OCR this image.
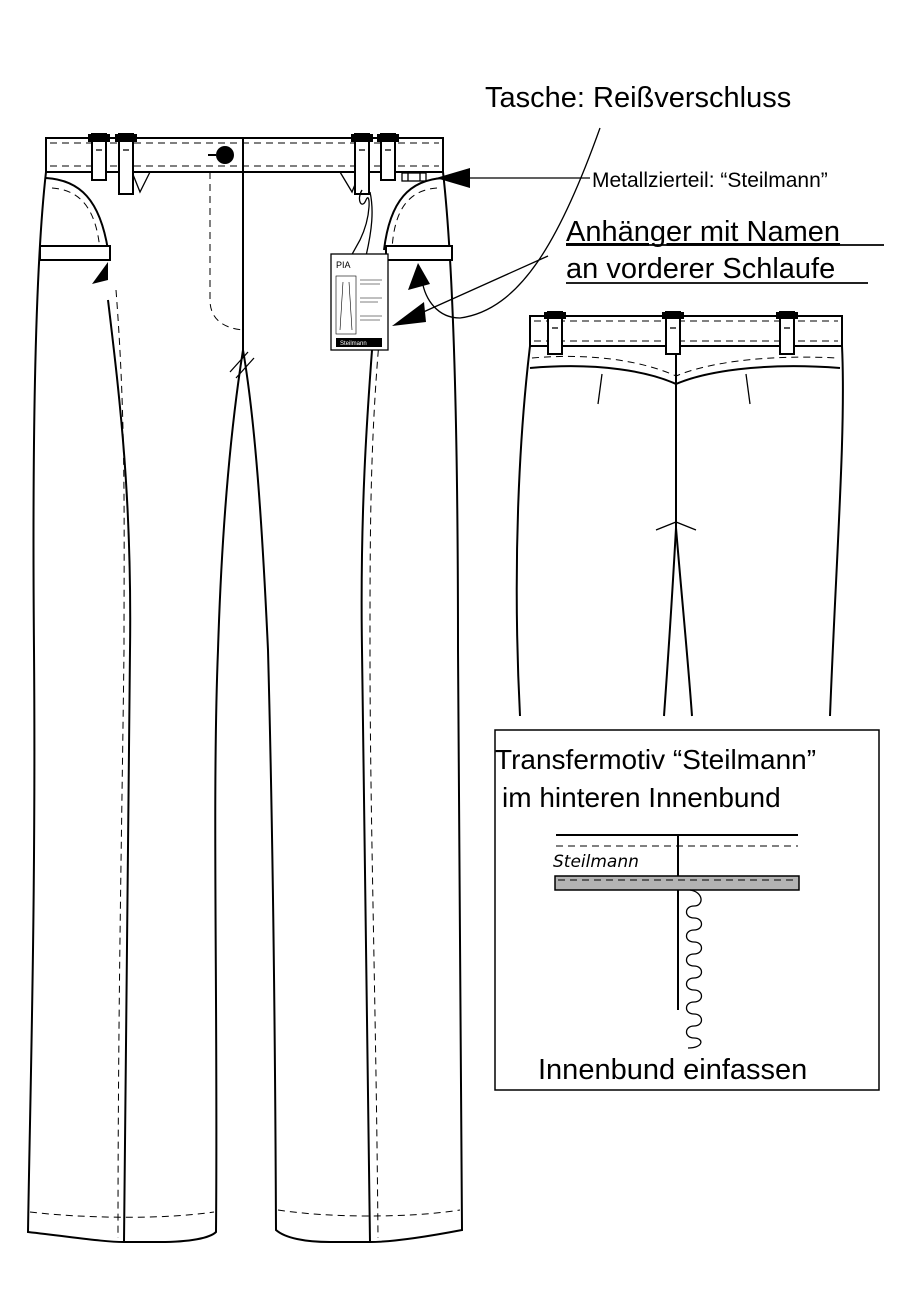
PIA
Steilmann
Tasche: Reißverschluss
Metallzierteil: “Steilmann”
Anhänger mit Namen
an vorderer Schlaufe
Transfermotiv “Steilmann”
im hinteren Innenbund
Steilmann
Innenbund einfassen
